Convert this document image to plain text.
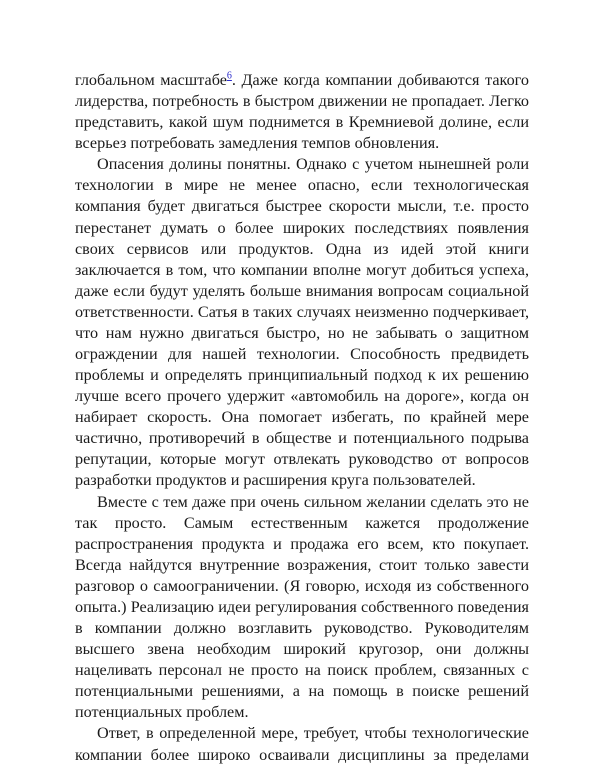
глобальном масштабе$^6$. Даже когда компании добиваются такого
лидерства, потребность в быстром движении не пропадает. Легко
представить, какой шум поднимется в Кремниевой долине, если
всерьез потребовать замедления темпов обновления.
Опасения долины понятны. Однако с учетом нынешней роли
технологии в мире не менее опасно, если технологическая
компания будет двигаться быстрее скорости мысли, т.е. просто
перестанет думать о более широких последствиях появления
своих сервисов или продуктов. Одна из идей этой книги
заключается в том, что компании вполне могут добиться успеха,
даже если будут уделять больше внимания вопросам социальной
ответственности. Сатья в таких случаях неизменно подчеркивает,
что нам нужно двигаться быстро, но не забывать о защитном
ограждении для нашей технологии. Способность предвидеть
проблемы и определять принципиальный подход к их решению
лучше всего прочего удержит «автомобиль на дороге», когда он
набирает скорость. Она помогает избегать, по крайней мере
частично, противоречий в обществе и потенциального подрыва
репутации, которые могут отвлекать руководство от вопросов
разработки продуктов и расширения круга пользователей.
Вместе с тем даже при очень сильном желании сделать это не
так просто. Самым естественным кажется продолжение
распространения продукта и продажа его всем, кто покупает.
Всегда найдутся внутренние возражения, стоит только завести
разговор о самоограничении. (Я говорю, исходя из собственного
опыта.) Реализацию идеи регулирования собственного поведения
в компании должно возглавить руководство. Руководителям
высшего звена необходим широкий кругозор, они должны
нацеливать персонал не просто на поиск проблем, связанных с
потенциальными решениями, а на помощь в поиске решений
потенциальных проблем.
Ответ, в определенной мере, требует, чтобы технологические
компании более широко осваивали дисциплины за пределами
